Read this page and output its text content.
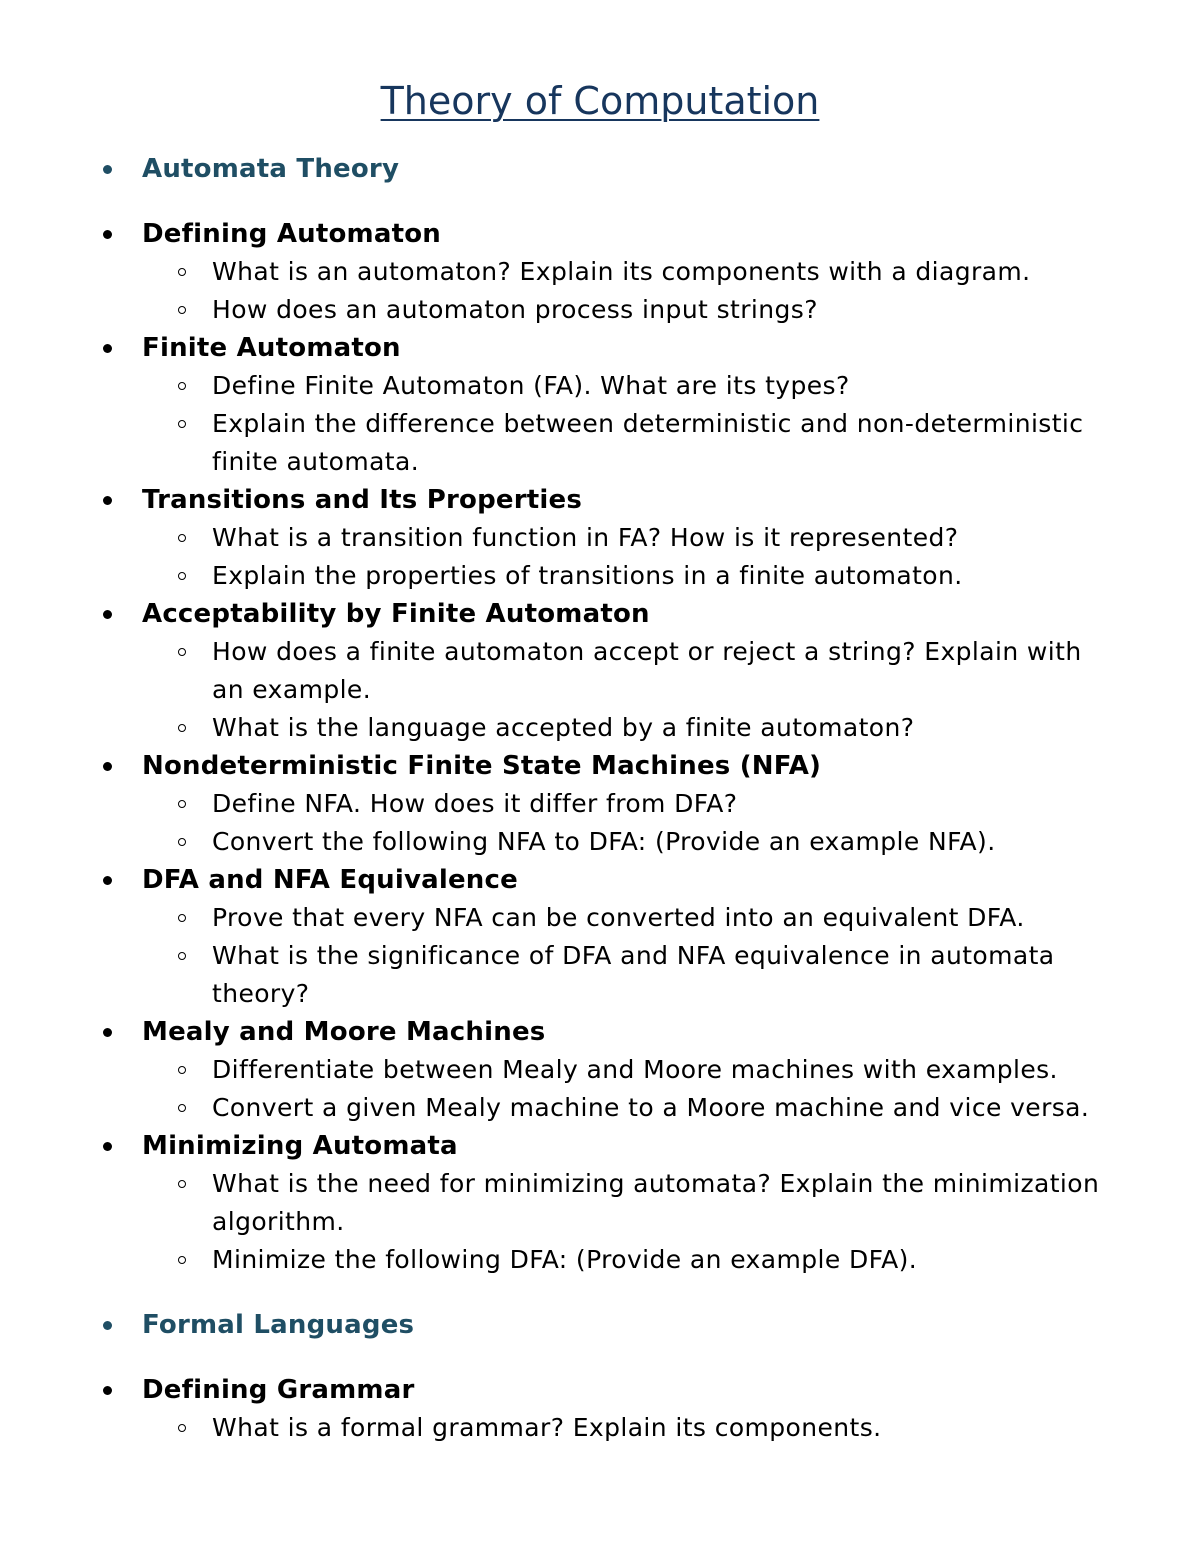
Theory of Computation
Automata Theory
Defining Automaton
What is an automaton? Explain its components with a diagram.
How does an automaton process input strings?
Finite Automaton
Define Finite Automaton (FA). What are its types?
Explain the difference between deterministic and non-deterministic finite automata.
Transitions and Its Properties
What is a transition function in FA? How is it represented?
Explain the properties of transitions in a finite automaton.
Acceptability by Finite Automaton
How does a finite automaton accept or reject a string? Explain with an example.
What is the language accepted by a finite automaton?
Nondeterministic Finite State Machines (NFA)
Define NFA. How does it differ from DFA?
Convert the following NFA to DFA: (Provide an example NFA).
DFA and NFA Equivalence
Prove that every NFA can be converted into an equivalent DFA.
What is the significance of DFA and NFA equivalence in automata theory?
Mealy and Moore Machines
Differentiate between Mealy and Moore machines with examples.
Convert a given Mealy machine to a Moore machine and vice versa.
Minimizing Automata
What is the need for minimizing automata? Explain the minimization algorithm.
Minimize the following DFA: (Provide an example DFA).
Formal Languages
Defining Grammar
What is a formal grammar? Explain its components.
